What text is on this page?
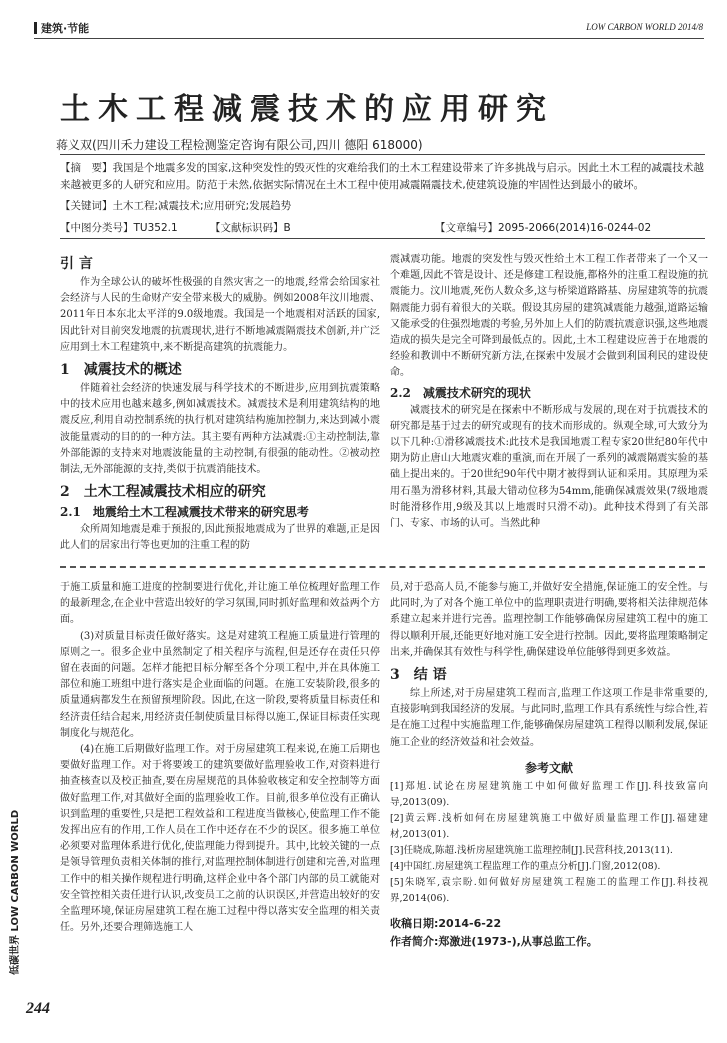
建筑·节能	LOW CARBON WORLD 2014/8
土木工程减震技术的应用研究
蒋义双(四川禾力建设工程检测鉴定咨询有限公司,四川 德阳 618000)
【摘　要】我国是个地震多发的国家,这种突发性的毁灭性的灾难给我们的土木工程建设带来了许多挑战与启示。因此土木工程的减震技术越来越被更多的人研究和应用。防范于未然,依据实际情况在土木工程中使用减震隔震技术,使建筑设施的牢固性达到最小的破坏。
【关键词】土木工程;减震技术;应用研究;发展趋势
【中图分类号】TU352.1	【文献标识码】B	【文章编号】2095-2066(2014)16-0244-02

引 言

作为全球公认的破坏性极强的自然灾害之一的地震,经常会给国家社会经济与人民的生命财产安全带来极大的威胁。例如2008年汶川地震、2011年日本东北太平洋的9.0级地震。我国是一个地震相对活跃的国家,因此针对目前突发地震的抗震现状,进行不断地减震隔震技术创新,并广泛应用到土木工程建筑中,来不断提高建筑的抗震能力。

1　减震技术的概述

伴随着社会经济的快速发展与科学技术的不断进步,应用到抗震策略中的技术应用也越来越多,例如减震技术。减震技术是利用建筑结构的地震反应,利用自动控制系统的执行机对建筑结构施加控制力,来达到减小震波能量震动的目的的一种方法。其主要有两种方法减震:①主动控制法,靠外部能源的支持来对地震波能量的主动控制,有很强的能动性。②被动控制法,无外部能源的支持,类似于抗震消能技术。

2　土木工程减震技术相应的研究

2.1　地震给土木工程减震技术带来的研究思考

众所周知地震是难于预报的,因此预报地震成为了世界的难题,正是因此人们的居家出行等也更加的注重工程的防

震减震功能。地震的突发性与毁灭性给土木工程工作者带来了一个又一个难题,因此不管是设计、还是修建工程设施,都格外的注重工程设施的抗震能力。汶川地震,死伤人数众多,这与桥梁道路路基、房屋建筑等的抗震隔震能力弱有着很大的关联。假设其房屋的建筑减震能力越强,道路运输又能承受的住强烈地震的考验,另外加上人们的防震抗震意识强,这些地震造成的损失是完全可降到最低点的。因此,土木工程建设应善于在地震的经验和教训中不断研究新方法,在探索中发展才会做到利国利民的建设使命。

2.2　减震技术研究的现状

减震技术的研究是在探索中不断形成与发展的,现在对于抗震技术的研究都是基于过去的研究或现有的技术而形成的。纵观全球,可大致分为以下几种:①滑移减震技术:此技术是我国地震工程专家20世纪80年代中期为防止唐山大地震灾难的重演,而在开展了一系列的减震隔震实验的基础上提出来的。于20世纪90年代中期才被得到认证和采用。其原理为采用石墨为滑移材料,其最大错动位移为54mm,能确保减震效果(7级地震时能滑移作用,9级及其以上地震时只滑不动)。此种技术得到了有关部门、专家、市场的认可。当然此种

于施工质量和施工进度的控制要进行优化,并让施工单位梳理好监理工作的最新理念,在企业中营造出较好的学习氛围,同时抓好监理和效益两个方面。

(3)对质量目标责任做好落实。这是对建筑工程施工质量进行管理的原则之一。很多企业中虽然制定了相关程序与流程,但是还存在责任只停留在表面的问题。怎样才能把目标分解至各个分项工程中,并在具体施工部位和施工班组中进行落实是企业面临的问题。在施工安装阶段,很多的质量通病都发生在预留预埋阶段。因此,在这一阶段,要将质量目标责任和经济责任结合起来,用经济责任制使质量目标得以施工,保证目标责任实现制度化与规范化。

(4)在施工后期做好监理工作。对于房屋建筑工程来说,在施工后期也要做好监理工作。对于将要竣工的建筑要做好监理验收工作,对资料进行抽查核查以及校正抽查,要在房屋规范的具体验收核定和安全控制等方面做好监理工作,对其做好全面的监理验收工作。目前,很多单位没有正确认识到监理的重要性,只是把工程效益和工程进度当做核心,使监理工作不能发挥出应有的作用,工作人员在工作中还存在不少的误区。很多施工单位必须要对监理体系进行优化,使监理能力得到提升。其中,比较关键的一点是领导管理负责相关体制的推行,对监理控制体制进行创建和完善,对监理工作中的相关操作规程进行明确,这样企业中各个部门内部的员工就能对安全管控相关责任进行认识,改变员工之前的认识误区,并营造出较好的安全监理环境,保证房屋建筑工程在施工过程中得以落实安全监理的相关责任。另外,还要合理筛选施工人

员,对于恐高人员,不能参与施工,并做好安全措施,保证施工的安全性。与此同时,为了对各个施工单位中的监理职责进行明确,要将相关法律规范体系建立起来并进行完善。监理控制工作能够确保房屋建筑工程中的施工得以顺利开展,还能更好地对施工安全进行控制。因此,要将监理策略制定出来,并确保其有效性与科学性,确保建设单位能够得到更多效益。

3　结 语

综上所述,对于房屋建筑工程而言,监理工作这项工作是非常重要的,直接影响到我国经济的发展。与此同时,监理工作具有系统性与综合性,若是在施工过程中实施监理工作,能够确保房屋建筑工程得以顺利发展,保证施工企业的经济效益和社会效益。

参考文献

[1]郑旭.试论在房屋建筑施工中如何做好监理工作[J].科技致富向导,2013(09).

[2]黄云辉.浅析如何在房屋建筑施工中做好质量监理工作[J].福建建材,2013(01).

[3]任晓成,陈超.浅析房屋建筑施工监理控制[J].民营科技,2013(11).

[4]中国红.房屋建筑工程监理工作的重点分析[J].门窗,2012(08).

[5]朱晓军,袁宗盼.如何做好房屋建筑工程施工的监理工作[J].科技视界,2014(06).

收稿日期:2014-6-22

作者简介:郑激进(1973-),从事总监工作。

低碳世界 LOW CARBON WORLD
244
